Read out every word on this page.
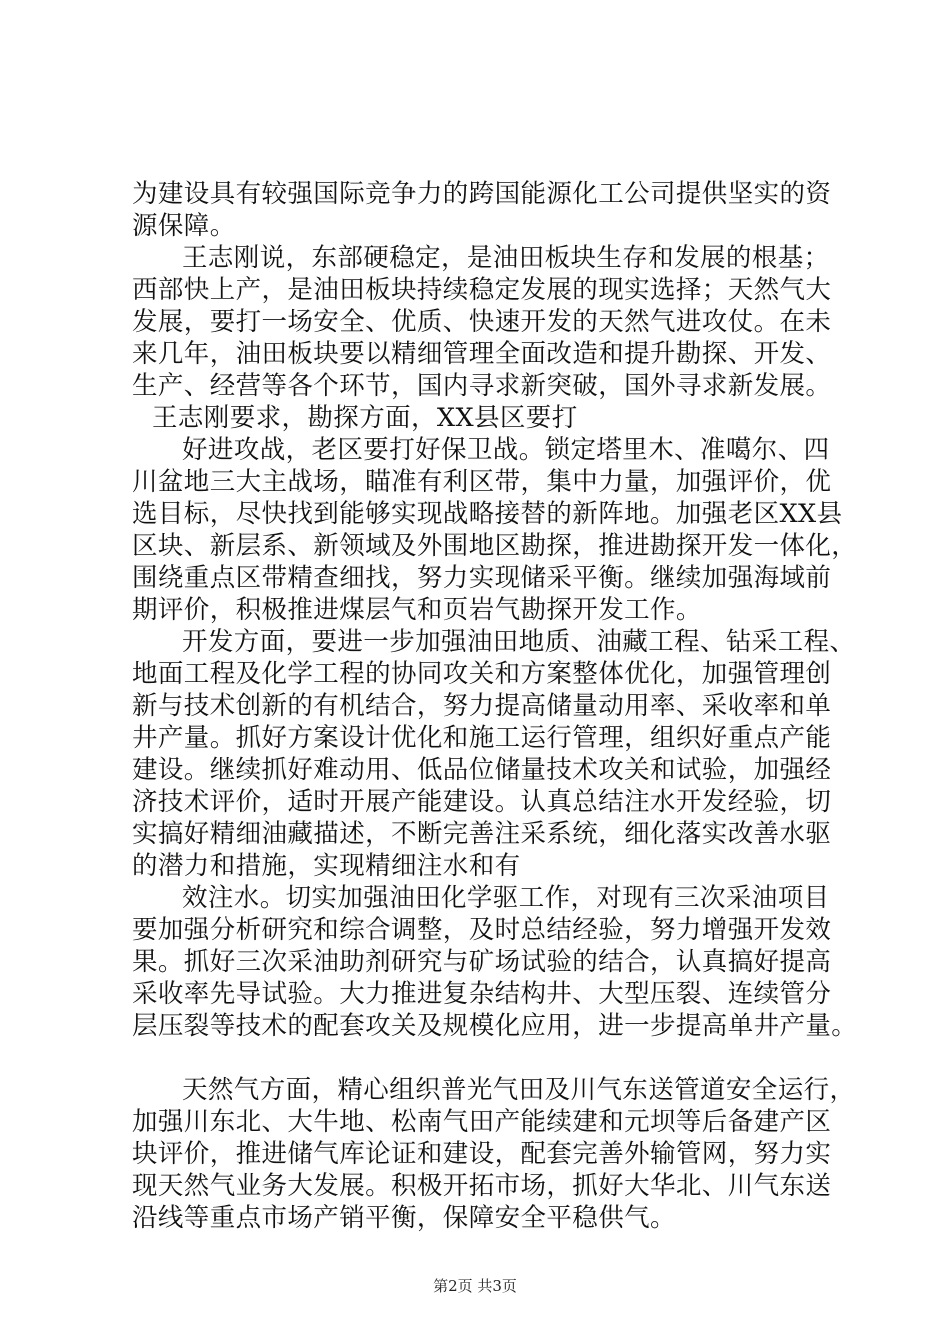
为建设具有较强国际竞争力的跨国能源化工公司提供坚实的资
源保障。
王志刚说，东部硬稳定，是油田板块生存和发展的根基；
西部快上产，是油田板块持续稳定发展的现实选择；天然气大
发展，要打一场安全、优质、快速开发的天然气进攻仗。在未
来几年，油田板块要以精细管理全面改造和提升勘探、开发、
生产、经营等各个环节，国内寻求新突破，国外寻求新发展。
王志刚要求，勘探方面，XX县区要打
好进攻战，老区要打好保卫战。锁定塔里木、准噶尔、四
川盆地三大主战场，瞄准有利区带，集中力量，加强评价，优
选目标，尽快找到能够实现战略接替的新阵地。加强老区XX县
区块、新层系、新领域及外围地区勘探，推进勘探开发一体化，
围绕重点区带精查细找，努力实现储采平衡。继续加强海域前
期评价，积极推进煤层气和页岩气勘探开发工作。
开发方面，要进一步加强油田地质、油藏工程、钻采工程、
地面工程及化学工程的协同攻关和方案整体优化，加强管理创
新与技术创新的有机结合，努力提高储量动用率、采收率和单
井产量。抓好方案设计优化和施工运行管理，组织好重点产能
建设。继续抓好难动用、低品位储量技术攻关和试验，加强经
济技术评价，适时开展产能建设。认真总结注水开发经验，切
实搞好精细油藏描述，不断完善注采系统，细化落实改善水驱
的潜力和措施，实现精细注水和有
效注水。切实加强油田化学驱工作，对现有三次采油项目
要加强分析研究和综合调整，及时总结经验，努力增强开发效
果。抓好三次采油助剂研究与矿场试验的结合，认真搞好提高
采收率先导试验。大力推进复杂结构井、大型压裂、连续管分
层压裂等技术的配套攻关及规模化应用，进一步提高单井产量。
天然气方面，精心组织普光气田及川气东送管道安全运行，
加强川东北、大牛地、松南气田产能续建和元坝等后备建产区
块评价，推进储气库论证和建设，配套完善外输管网，努力实
现天然气业务大发展。积极开拓市场，抓好大华北、川气东送
沿线等重点市场产销平衡，保障安全平稳供气。
第2页 共3页
